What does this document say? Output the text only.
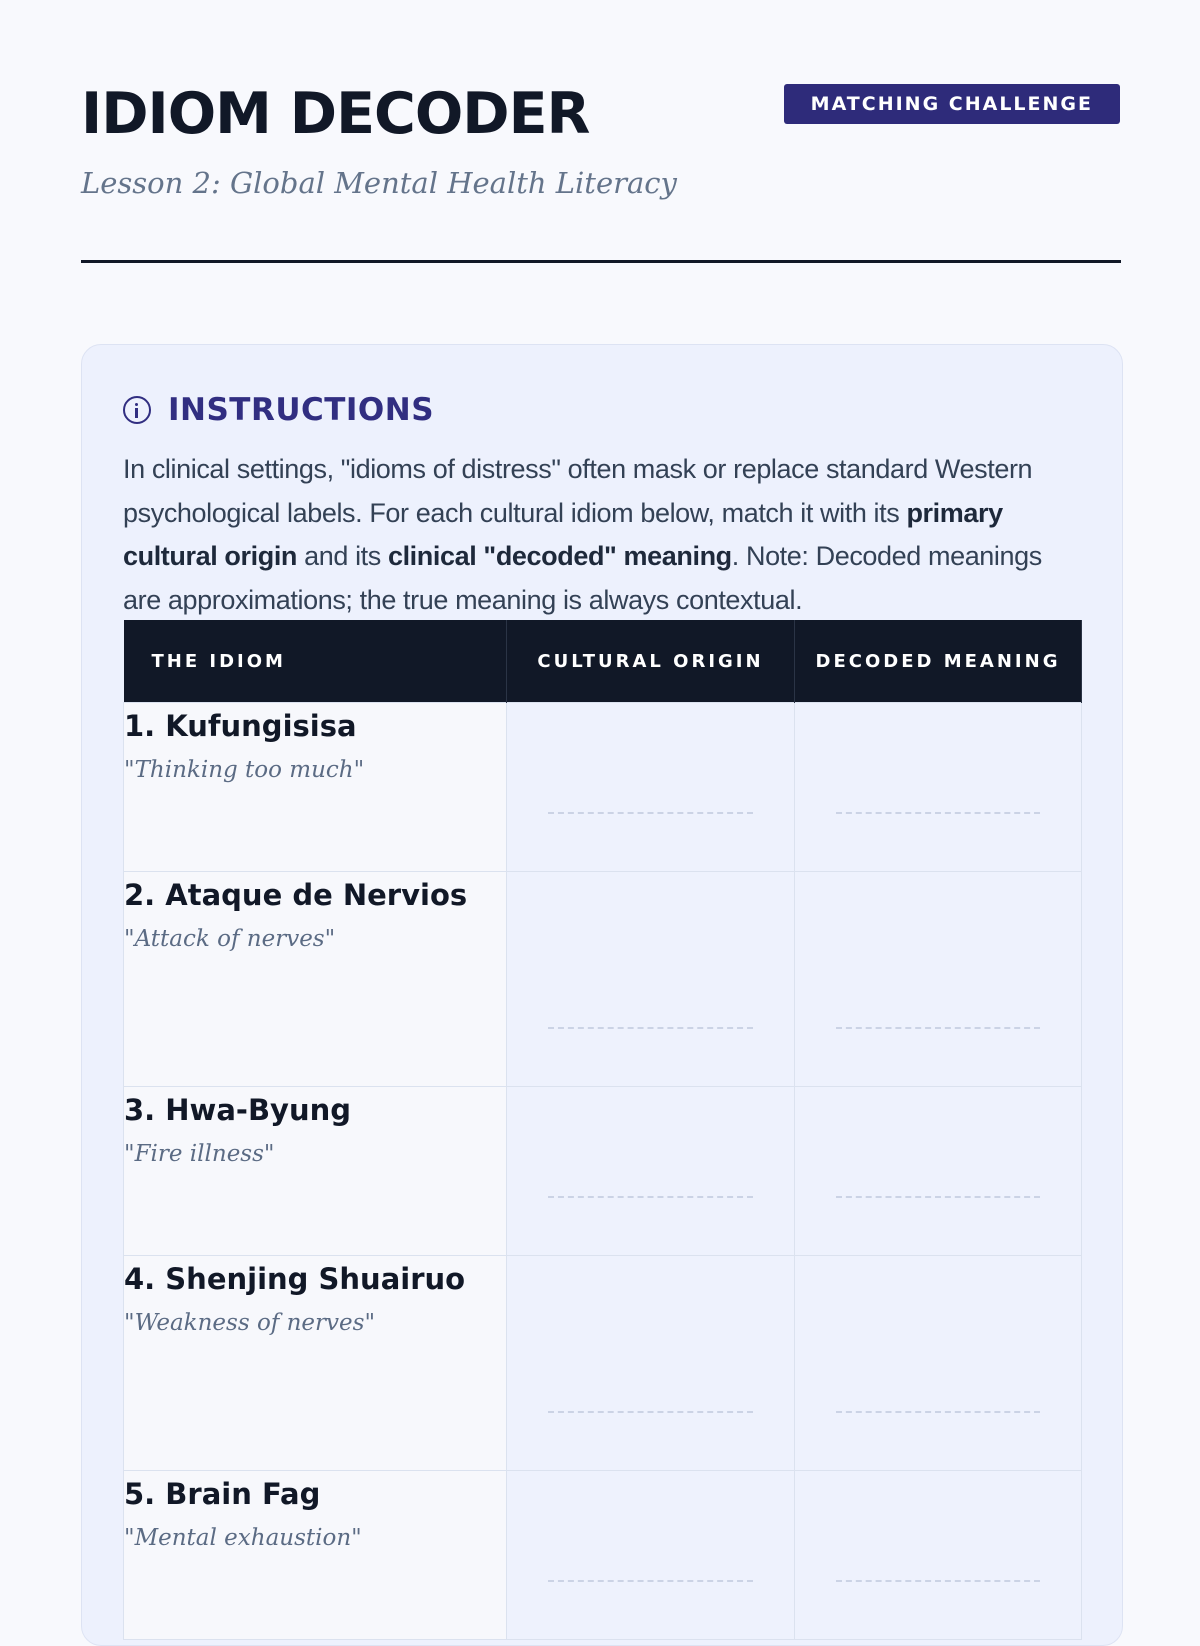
IDIOM DECODER	MATCHING CHALLENGE
Lesson 2: Global Mental Health Literacy
INSTRUCTIONS
In clinical settings, "idioms of distress" often mask or replace standard Western psychological labels. For each cultural idiom below, match it with its primary cultural origin and its clinical "decoded" meaning. Note: Decoded meanings are approximations; the true meaning is always contextual.
THE IDIOM	CULTURAL ORIGIN	DECODED MEANING

1. Kufungisisa
"Thinking too much"		

2. Ataque de Nervios
"Attack of nerves"		

3. Hwa-Byung
"Fire illness"		

4. Shenjing Shuairuo
"Weakness of nerves"		

5. Brain Fag
"Mental exhaustion"		
